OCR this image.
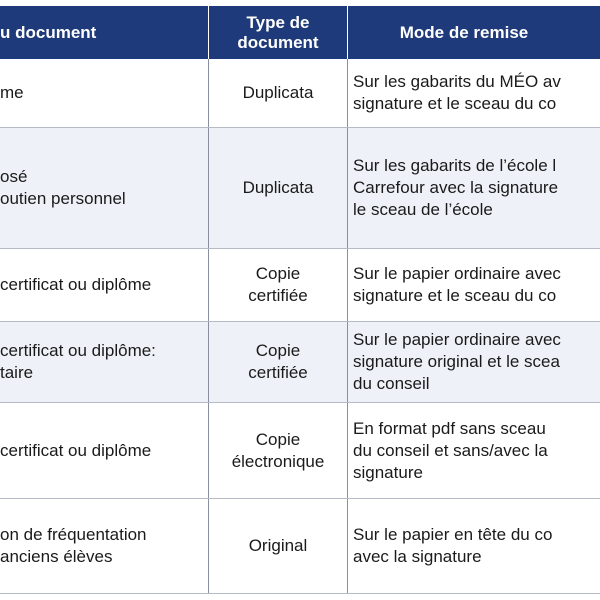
u document
Type de
document
Mode de remise
me	Duplicata
Sur les gabarits du MÉO av
signature et le sceau du co
osé
outien personnel
Duplicata
Sur les gabarits de l’école l
Carrefour avec la signature
le sceau de l’école
certificat ou diplôme
Copie
certifiée
Sur le papier ordinaire avec
signature et le sceau du co
certificat ou diplôme:
taire
Copie
certifiée
Sur le papier ordinaire avec
signature original et le scea
du conseil
certificat ou diplôme
Copie
électronique
En format pdf sans sceau
du conseil et sans/avec la
signature
on de fréquentation
anciens élèves
Original
Sur le papier en tête du co
avec la signature
